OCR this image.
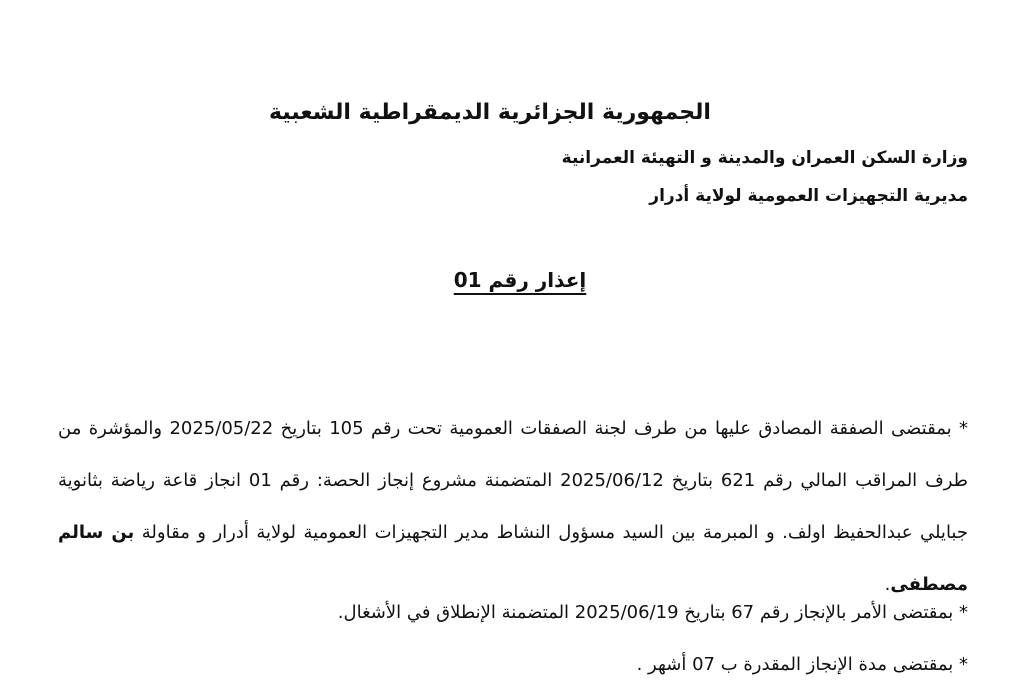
الجمهورية الجزائرية الديمقراطية الشعبية
وزارة السكن العمران والمدينة و التهيئة العمرانية
مديرية التجهيزات العمومية لولاية أدرار
إعذار رقم 01
* بمقتضى الصفقة المصادق عليها من طرف لجنة الصفقات العمومية تحت رقم 105 بتاريخ 2025/05/22 والمؤشرة من طرف المراقب المالي رقم 621 بتاريخ 2025/06/12 المتضمنة مشروع إنجاز الحصة: رقم 01 انجاز قاعة رياضة بثانوية جبايلي عبدالحفيظ اولف. و المبرمة بين السيد مسؤول النشاط مدير التجهيزات العمومية لولاية أدرار و مقاولة بن سالم مصطفى.
* بمقتضى الأمر بالإنجاز رقم 67 بتاريخ 2025/06/19 المتضمنة الإنطلاق في الأشغال.
* بمقتضى مدة الإنجاز المقدرة ب 07 أشهر .
